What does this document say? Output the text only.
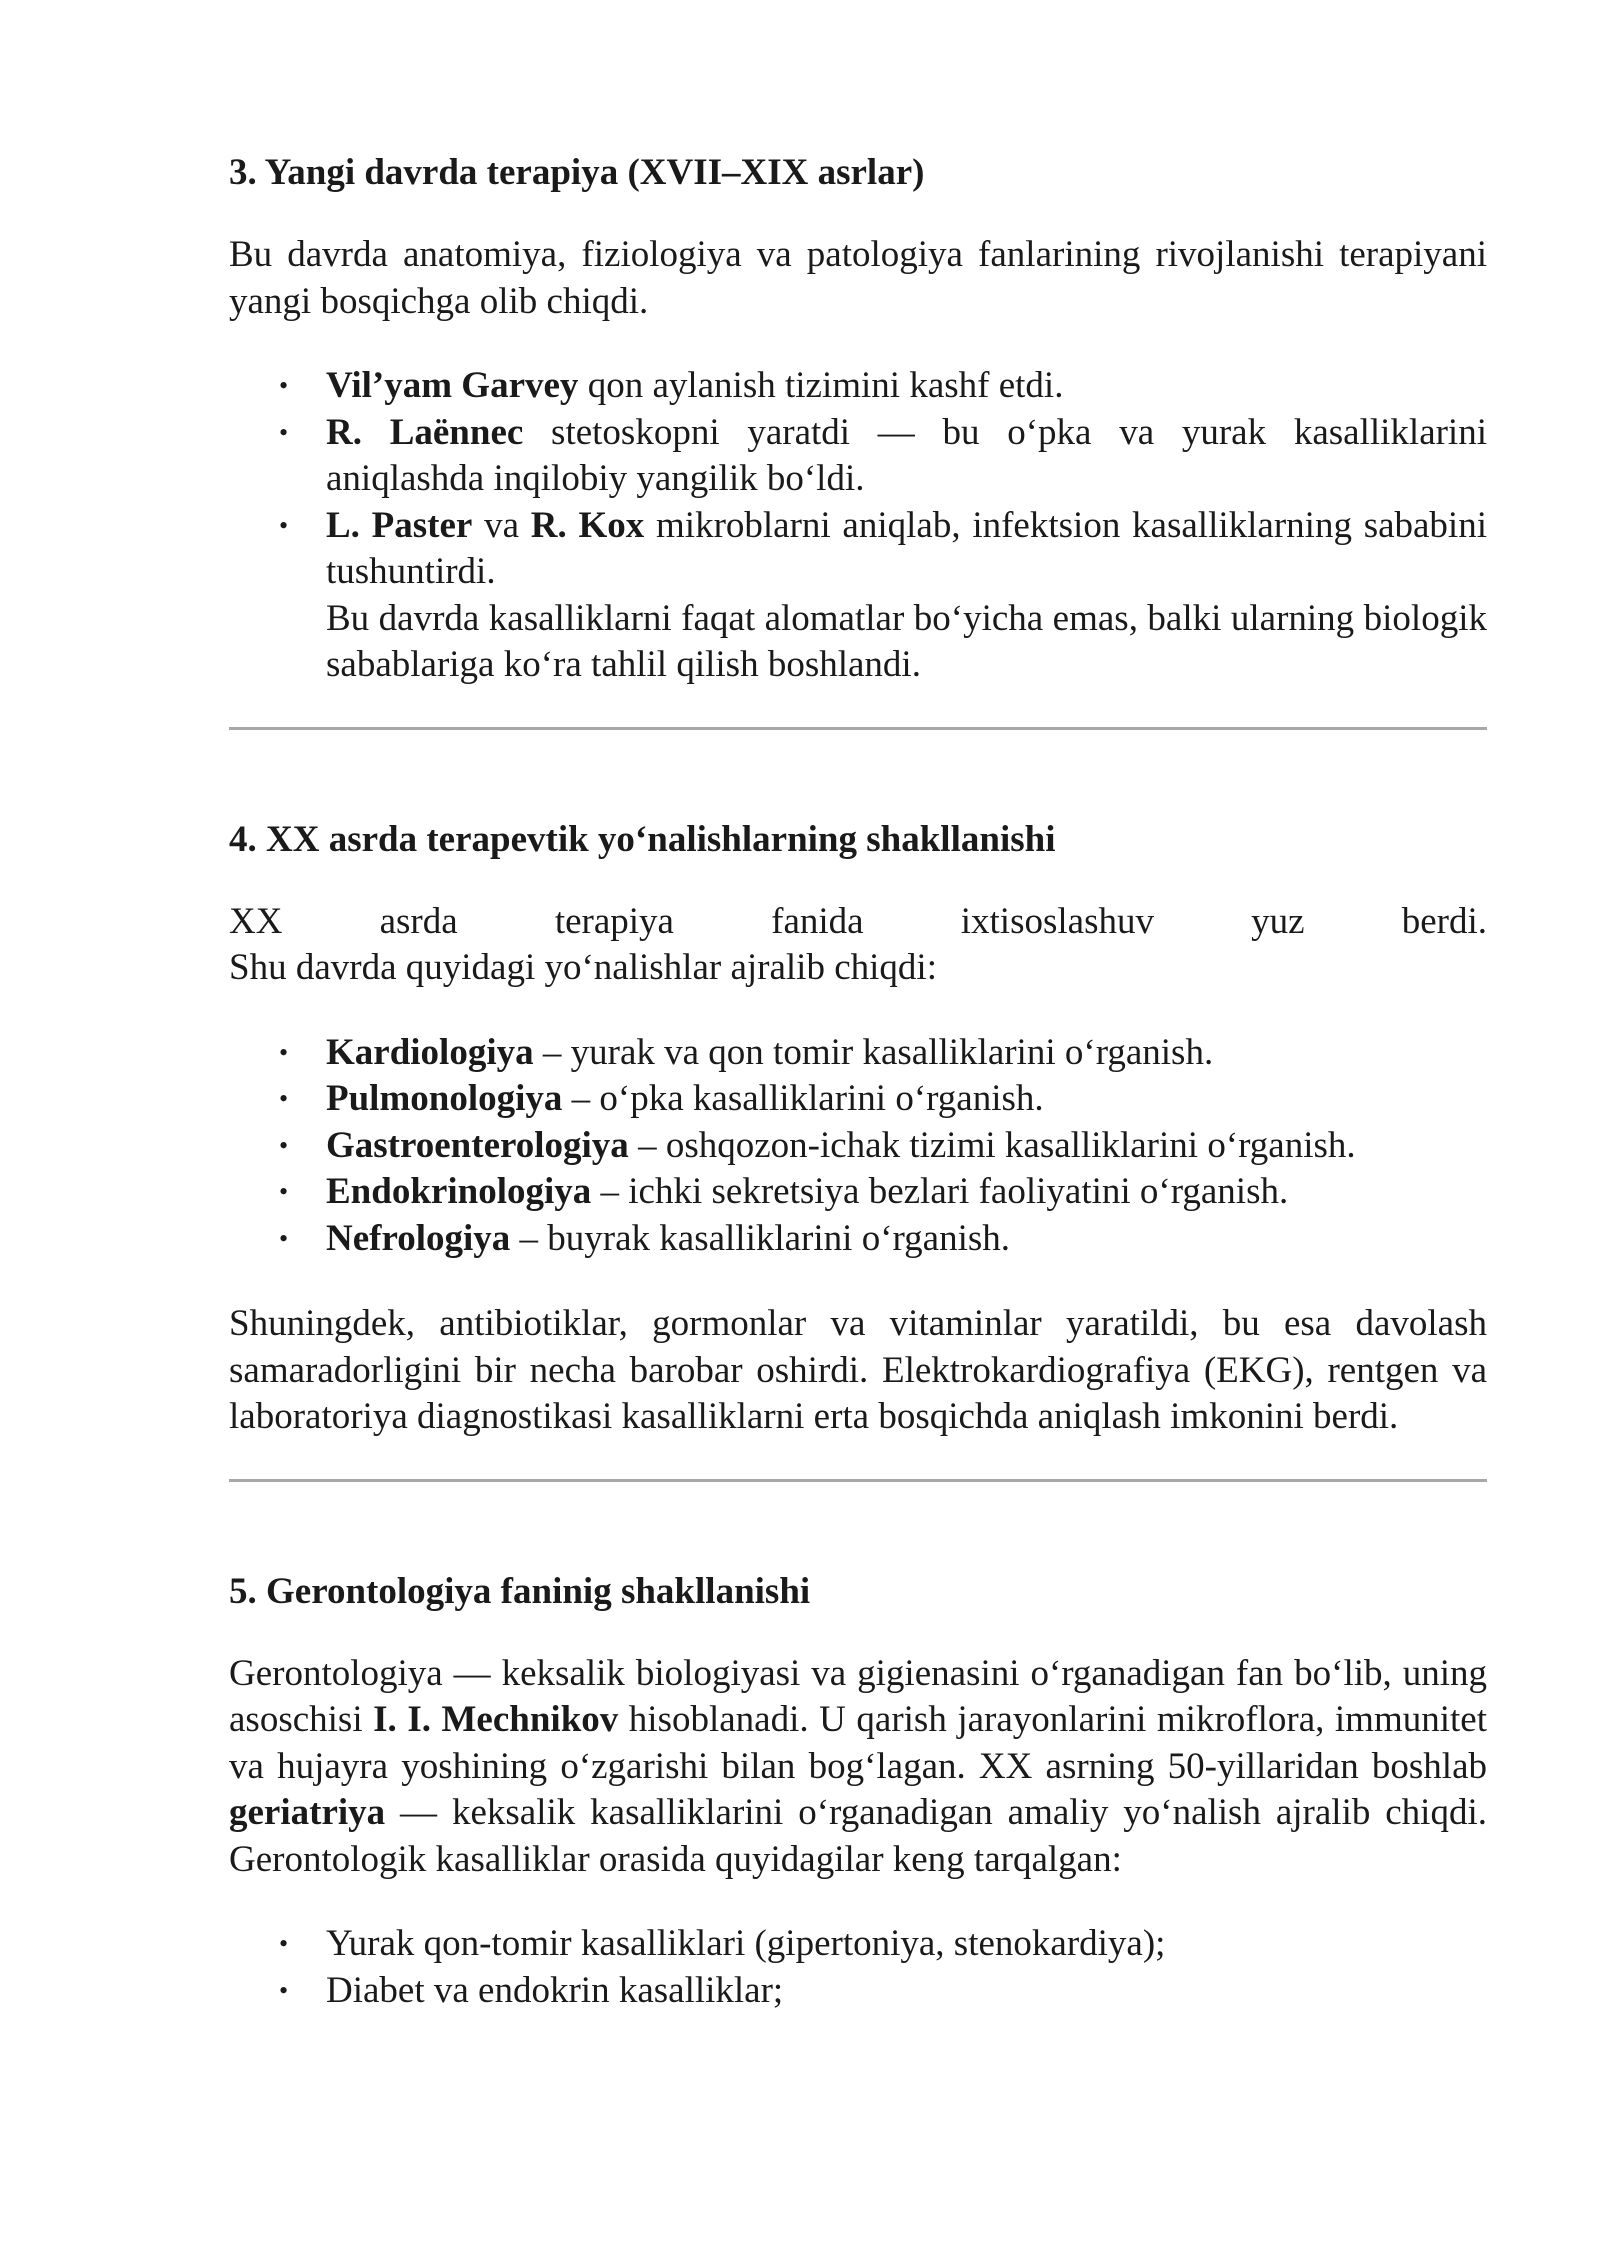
3. Yangi davrda terapiya (XVII–XIX asrlar)

Bu davrda anatomiya, fiziologiya va patologiya fanlarining rivojlanishi terapiyani yangi bosqichga olib chiqdi.

• Vil’yam Garvey qon aylanish tizimini kashf etdi.
• R. Laënnec stetoskopni yaratdi — bu oʻpka va yurak kasalliklarini aniqlashda inqilobiy yangilik boʻldi.
• L. Paster va R. Kox mikroblarni aniqlab, infektsion kasalliklarning sababini tushuntirdi.
Bu davrda kasalliklarni faqat alomatlar boʻyicha emas, balki ularning biologik sabablariga koʻra tahlil qilish boshlandi.
4. XX asrda terapevtik yoʻnalishlarning shakllanishi

XX asrda terapiya fanida ixtisoslashuv yuz berdi.
Shu davrda quyidagi yoʻnalishlar ajralib chiqdi:

• Kardiologiya – yurak va qon tomir kasalliklarini oʻrganish.
• Pulmonologiya – oʻpka kasalliklarini oʻrganish.
• Gastroenterologiya – oshqozon-ichak tizimi kasalliklarini oʻrganish.
• Endokrinologiya – ichki sekretsiya bezlari faoliyatini oʻrganish.
• Nefrologiya – buyrak kasalliklarini oʻrganish.

Shuningdek, antibiotiklar, gormonlar va vitaminlar yaratildi, bu esa davolash samaradorligini bir necha barobar oshirdi. Elektrokardiografiya (EKG), rentgen va laboratoriya diagnostikasi kasalliklarni erta bosqichda aniqlash imkonini berdi.

5. Gerontologiya faninig shakllanishi

Gerontologiya — keksalik biologiyasi va gigienasini oʻrganadigan fan boʻlib, uning asoschisi I. I. Mechnikov hisoblanadi. U qarish jarayonlarini mikroflora, immunitet va hujayra yoshining oʻzgarishi bilan bogʻlagan. XX asrning 50-yillaridan boshlab geriatriya — keksalik kasalliklarini oʻrganadigan amaliy yoʻnalish ajralib chiqdi.
Gerontologik kasalliklar orasida quyidagilar keng tarqalgan:

• Yurak qon-tomir kasalliklari (gipertoniya, stenokardiya);
• Diabet va endokrin kasalliklar;
